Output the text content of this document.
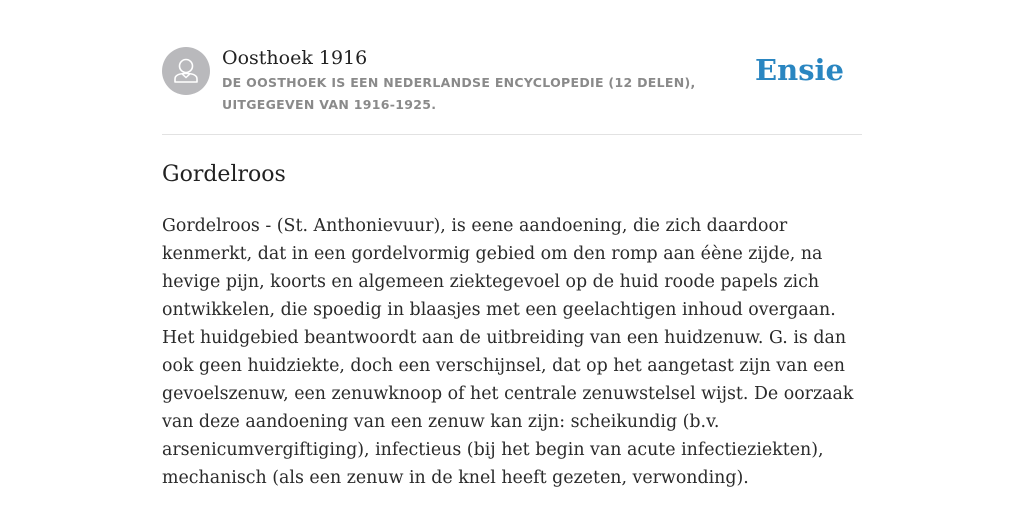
Oosthoek 1916
DE OOSTHOEK IS EEN NEDERLANDSE ENCYCLOPEDIE (12 DELEN), UITGEGEVEN VAN 1916-1925.
Ensie
Gordelroos

Gordelroos - (St. Anthonievuur), is eene aandoening, die zich daardoor kenmerkt, dat in een gordelvormig gebied om den romp aan éène zijde, na hevige pijn, koorts en algemeen ziektegevoel op de huid roode papels zich ontwikkelen, die spoedig in blaasjes met een geelachtigen inhoud overgaan. Het huidgebied beantwoordt aan de uitbreiding van een huidzenuw. G. is dan ook geen huidziekte, doch een verschijnsel, dat op het aangetast zijn van een gevoelszenuw, een zenuwknoop of het centrale zenuwstelsel wijst. De oorzaak van deze aandoening van een zenuw kan zijn: scheikundig (b.v. arsenicumvergiftiging), infectieus (bij het begin van acute infectieziekten), mechanisch (als een zenuw in de knel heeft gezeten, verwonding).
